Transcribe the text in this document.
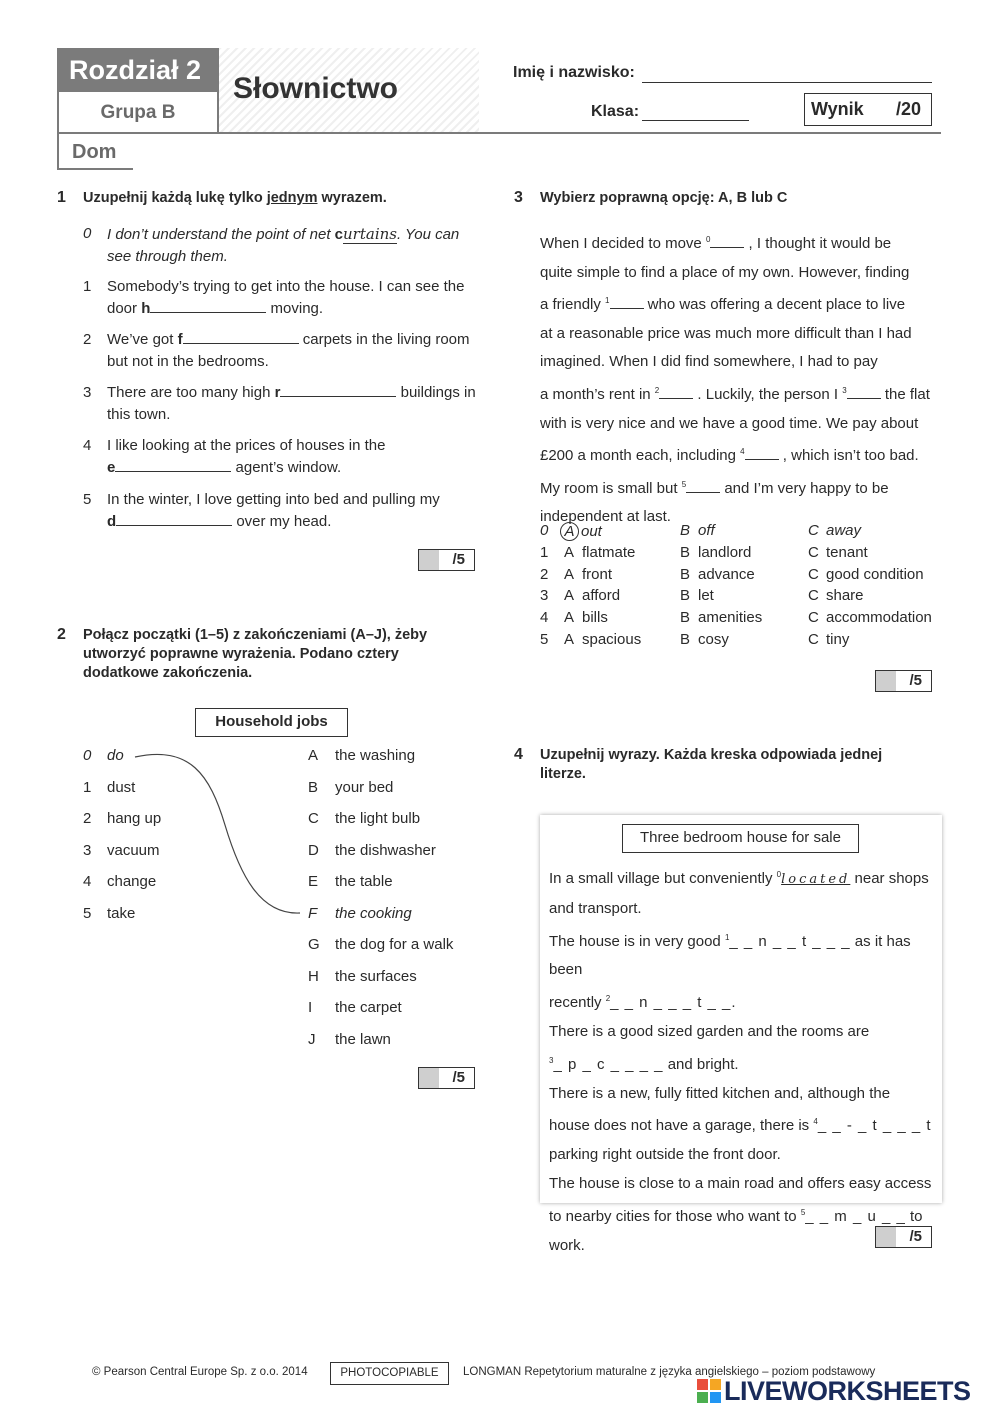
Rozdział 2
Grupa B
Słownictwo
Dom
Imię i nazwisko:
Klasa:	Wynik /20
1 Uzupełnij każdą lukę tylko jednym wyrazem.
0 I don’t understand the point of net curtains. You can
see through them.
1 Somebody’s trying to get into the house. I can see the
door h	moving.
2 We’ve got f	carpets in the living room
but not in the bedrooms.
3 There are too many high r	buildings in
this town.
4 I like looking at the prices of houses in the
e	agent’s window.
5 In the winter, I love getting into bed and pulling my
d	over my head.
/5
2 Połącz początki (1–5) z zakończeniami (A–J), żeby
utworzyć poprawne wyrażenia. Podano cztery
dodatkowe zakończenia.
Household jobs
0 do
1 dust
2 hang up
3 vacuum
4 change
5 take
A the washing
B your bed
C the light bulb
D the dishwasher
E the table
F the cooking
G the dog for a walk
H the surfaces
I the carpet
J the lawn
/5
3 Wybierz poprawną opcję: A, B lub C
When I decided to move $^0$ , I thought it would be
quite simple to find a place of my own. However, finding
a friendly $^1$ who was offering a decent place to live
at a reasonable price was much more difficult than I had
imagined. When I did find somewhere, I had to pay
a month’s rent in $^2$ . Luckily, the person I $^3$ the flat
with is very nice and we have a good time. We pay about
£200 a month each, including $^4$ , which isn’t too bad.
My room is small but $^5$ and I’m very happy to be
independent at last.
0 A out	B off	C away
1 A flatmate	B landlord	C tenant
2 A front	B advance	C good condition
3 A afford	B let	C share
4 A bills	B amenities	C accommodation
5 A spacious	B cosy	C tiny
/5
4 Uzupełnij wyrazy. Każda kreska odpowiada jednej
literze.
Three bedroom house for sale
In a small village but conveniently $^0$located near shops
and transport.
The house is in very good $^1$_ _ n _ _ t _ _ _ as it has been
recently $^2$_ _ n _ _ _ t _ _.
There is a good sized garden and the rooms are
$^3$_ p _ c _ _ _ _ and bright.
There is a new, fully fitted kitchen and, although the
house does not have a garage, there is $^4$_ _ - _ t _ _ _ t
parking right outside the front door.
The house is close to a main road and offers easy access
to nearby cities for those who want to $^5$_ _ m _ u _ _ to
work.
/5
© Pearson Central Europe Sp. z o.o. 2014	PHOTOCOPIABLE	LONGMAN Repetytorium maturalne z języka angielskiego – poziom podstawowy
LIVEWORKSHEETS
